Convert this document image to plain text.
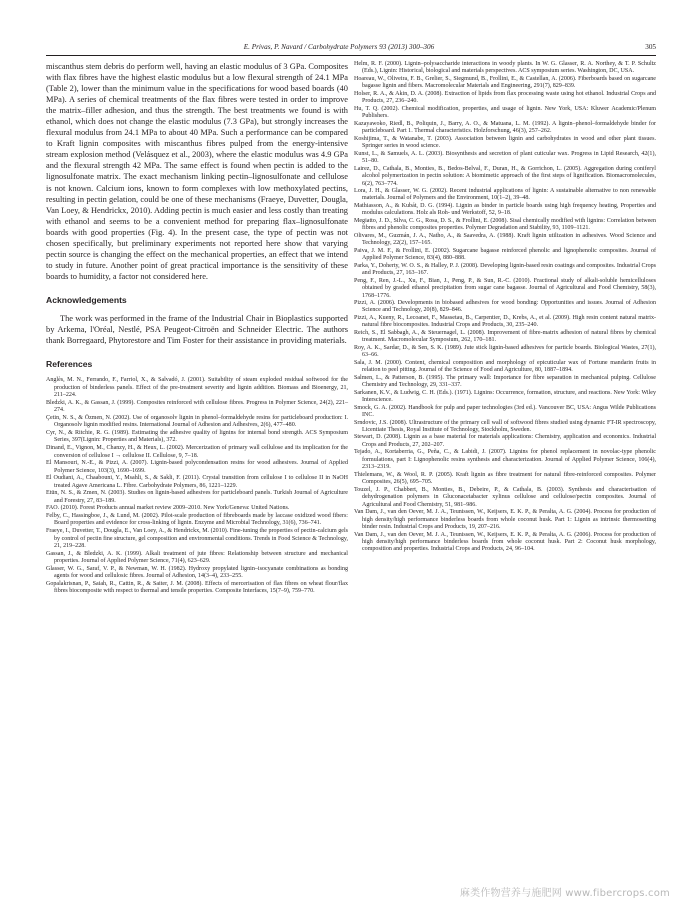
E. Privas, P. Navard / Carbohydrate Polymers 93 (2013) 300–306	305

miscanthus stem debris do perform well, having an elastic modulus of 3 GPa. Composites with flax fibres have the highest elastic modulus but a low flexural strength of 24.1 MPa (Table 2), lower than the minimum value in the specifications for wood based boards (40 MPa). A series of chemical treatments of the flax fibres were tested in order to improve the matrix–filler adhesion, and thus the strength. The best treatments we found is with ethanol, which does not change the elastic modulus (7.3 GPa), but strongly increases the flexural modulus from 24.1 MPa to about 40 MPa. Such a performance can be compared to Kraft lignin composites with miscanthus fibres pulped from the energy-intensive stream explosion method (Velásquez et al., 2003), where the elastic modulus was 4.9 GPa and the flexural strength 42 MPa. The same effect is found when pectin is added to the lignosulfonate matrix. The exact mechanism linking pectin–lignosulfonate and cellulose is not known. Calcium ions, known to form complexes with low methoxylated pectins, resulting in pectin gelation, could be one of these mechanisms (Fraeye, Duvetter, Dougla, Van Loey, & Hendrickx, 2010). Adding pectin is much easier and less costly than treating with ethanol and seems to be a convenient method for preparing flax–lignosulfonate boards with good properties (Fig. 4). In the present case, the type of pectin was not chosen specifically, but preliminary experiments not reported here show that varying pectin source is changing the effect on the mechanical properties, an effect that we intend to study in future. Another point of great practical importance is the sensitivity of these boards to humidity, a factor not considered here.

Acknowledgements

The work was performed in the frame of the Industrial Chair in Bioplastics supported by Arkema, l'Oréal, Nestlé, PSA Peugeot-Citroën and Schneider Electric. The authors thank Borregaard, Phytorestore and Tim Foster for their assistance in providing materials.

References
Anglès, M. N., Ferrando, F., Farriol, X., & Salvadó, J. (2001). Suitability of steam exploded residual softwood for the production of binderless panels. Effect of the pre-treatment severity and lignin addition. Biomass and Bioenergy, 21, 211–224.
Bledzki, A. K., & Gassan, J. (1999). Composites reinforced with cellulose fibres. Progress in Polymer Science, 24(2), 221–274.
Çetin, N. S., & Özmen, N. (2002). Use of organosolv lignin in phenol–formaldehyde resins for particleboard production: I. Organosolv lignin modified resins. International Journal of Adhesion and Adhesives, 2(6), 477–480.
Cyr, N., & Ritchie, R. G. (1989). Estimating the adhesive quality of lignins for internal bond strength. ACS Symposium Series, 397(Lignin: Properties and Materials), 372.
Dinand, E., Vignon, M., Chanzy, H., & Heux, L. (2002). Mercerization of primary wall cellulose and its implication for the conversion of cellulose I → cellulose II. Cellulose, 9, 7–18.
El Mansouri, N.-E., & Pizzi, A. (2007). Lignin-based polycondensation resins for wood adhesives. Journal of Applied Polymer Science, 103(3), 1690–1699.
El Oudiani, A., Chaabouni, Y., Msahli, S., & Sakli, F. (2011). Crystal transition from cellulose I to cellulose II in NaOH treated Agave Americana L. Fibre. Carbohydrate Polymers, 86, 1221–1229.
Etün, N. S., & Zmen, N. (2003). Studies on lignin-based adhesives for particleboard panels. Turkish Journal of Agriculture and Forestry, 27, 83–189.
FAO. (2010). Forest Products annual market review 2009–2010. New York/Geneva: United Nations.
Felby, C., Hassingboe, J., & Lund, M. (2002). Pilot-scale production of fibreboards made by laccase oxidized wood fibers: Board properties and evidence for cross-linking of lignin. Enzyme and Microbial Technology, 31(6), 736–741.
Fraeye, I., Duvetter, T., Dougla, E., Van Loey, A., & Hendrickx, M. (2010). Fine-tuning the properties of pectin-calcium gels by control of pectin fine structure, gel composition and environmental conditions. Trends in Food Science & Technology, 21, 219–228.
Gassan, J., & Bledzki, A. K. (1999). Alkali treatment of jute fibres: Relationship between structure and mechanical properties. Journal of Applied Polymer Science, 71(4), 623–629.
Glasser, W. G., Saraf, V. P., & Newman, W. H. (1982). Hydroxy propylated lignin–isocyanate combinations as bonding agents for wood and cellulosic fibres. Journal of Adhesion, 14(3–4), 233–255.
Gopalakrisnan, P., Saiah, R., Cattin, R., & Saiter, J. M. (2008). Effects of mercerisation of flax fibres on wheat flour/flax fibres biocomposite with respect to thermal and tensile properties. Composite Interfaces, 15(7–9), 759–770.
Helm, R. F. (2000). Lignin–polysaccharide interactions in woody plants. In W. G. Glasser, R. A. Northey, & T. P. Schultz (Eds.), Lignin: Historical, biological and materials perspectives. ACS symposium series. Washington, DC, USA.
Hoareau, W., Oliveira, F. B., Grelier, S., Siegmund, B., Frollini, E., & Castellan, A. (2006). Fiberboards based on sugarcane bagasse lignin and fibers. Macromolecular Materials and Engineering, 291(7), 829–839.
Holser, R. A., & Akin, D. A. (2008). Extraction of lipids from flax processing waste using hot ethanol. Industrial Crops and Products, 27, 236–240.
Hu, T. Q. (2002). Chemical modification, properties, and usage of lignin. New York, USA: Kluwer Academic/Plenum Publishers.
Kazayawoko, Riedl, B., Poliquin, J., Barry, A. O., & Matuana, L. M. (1992). A lignin–phenol–formaldehyde binder for particleboard. Part 1. Thermal characteristics. Holzforschung, 46(3), 257–262.
Koshijima, T., & Watanabe, T. (2003). Association between lignin and carbohydrates in wood and other plant tissues. Springer series in wood science.
Kunst, L., & Samuels, A. L. (2003). Biosynthesis and secretion of plant cuticular wax. Progress in Lipid Research, 42(1), 51–80.
Lairez, D., Cathala, B., Monties, B., Bedos-Belval, F., Duran, H., & Gorrichon, L. (2005). Aggregation during coniferyl alcohol polymerization in pectin solution: A biomimetic approach of the first steps of lignification. Biomacromolecules, 6(2), 763–774.
Lora, J. H., & Glasser, W. G. (2002). Recent industrial applications of lignin: A sustainable alternative to non renewable materials. Journal of Polymers and the Environment, 10(1–2), 39–48.
Mathiasson, A., & Kubát, D. G. (1994). Lignin as binder in particle boards using high frequency heating, Properties and modulus calculations. Holz als Roh- und Werkstoff, 52, 9–18.
Megiatto, J. D., Silva, C. G., Rosa, D. S., & Frollini, E. (2008). Sisal chemically modified with lignins: Correlation between fibres and phenolic composites properties. Polymer Degradation and Stability, 93, 1109–1121.
Olivares, M., Guzmán, J. A., Natho, A., & Saavedra, A. (1988). Kraft lignin utilization in adhesives. Wood Science and Technology, 22(2), 157–165.
Paiva, J. M. F., & Frollini, E. (2002). Sugarcane bagasse reinforced phenolic and lignophenolic composites. Journal of Applied Polymer Science, 83(4), 880–888.
Parka, Y., Doherty, W. O. S., & Halley, P. J. (2008). Developing lignin-based resin coatings and composites. Industrial Crops and Products, 27, 163–167.
Peng, F., Ren, J.-L., Xu, F., Bian, J., Peng, P., & Sun, R.-C. (2010). Fractional study of alkali-soluble hemicelluloses obtained by graded ethanol precipitation from sugar cane bagasse. Journal of Agricultural and Food Chemistry, 58(3), 1768–1776.
Pizzi, A. (2006). Developments in biobased adhesives for wood bonding: Opportunities and issues. Journal of Adhesion Science and Technology, 20(8), 829–846.
Pizzi, A., Kueny, R., Lecoanet, F., Massetau, B., Carpentier, D., Krebs, A., et al. (2009). High resin content natural matrix-natural fibre biocomposites. Industrial Crops and Products, 30, 235–240.
Reich, S., El Sabbagh, A., & Steuernagel, L. (2008). Improvement of fibre-matrix adhesion of natural fibres by chemical treatment. Macromolecular Symposium, 262, 170–181.
Roy, A. K., Sardar, D., & Sen, S. K. (1989). Jute stick lignin-based adhesives for particle boards. Biological Wastes, 27(1), 63–66.
Sala, J. M. (2000). Content, chemical composition and morphology of epicuticular wax of Fortune mandarin fruits in relation to peel pitting. Journal of the Science of Food and Agriculture, 80, 1887–1894.
Salmen, L., & Patterson, B. (1995). The primary wall: Importance for fibre separation in mechanical pulping. Cellulose Chemistry and Technology, 29, 331–337.
Sarkanen, K.V., & Ludwig, C. H. (Eds.). (1971). Lignins: Occurrence, formation, structure, and reactions. New York: Wiley Interscience.
Smock, G. A. (2002). Handbook for pulp and paper technologies (3rd ed.). Vancouver BC, USA: Angus Wilde Publications INC.
Srndovic, J.S. (2008). Ultrastructure of the primary cell wall of softwood fibres studied using dynamic FT-IR spectroscopy, Licentiate Thesis, Royal Institute of Technology, Stockholm, Sweden.
Stewart, D. (2008). Lignin as a base material for materials applications: Chemistry, application and economics. Industrial Crops and Products, 27, 202–207.
Tejado, A., Kortaberria, G., Peña, C., & Labidi, J. (2007). Lignins for phenol replacement in novolac-type phenolic formulations, part I: Lignophenolic resins synthesis and characterization. Journal of Applied Polymer Science, 106(4), 2313–2319.
Thielemans, W., & Wool, R. P. (2005). Kraft lignin as fibre treatment for natural fibre-reinforced composites. Polymer Composites, 26(5), 695–705.
Touzel, J. P., Chabbert, B., Monties, B., Debeire, P., & Cathala, B. (2003). Synthesis and characterisation of dehydrogenation polymers in Gluconacetabacter xylinus cellulose and cellulose/pectin composites. Journal of Agricultural and Food Chemistry, 51, 981–986.
Van Dam, J., van den Oever, M. J. A., Teunissen, W., Keijsers, E. K. P., & Peralta, A. G. (2004). Process for production of high density/high performance binderless boards from whole coconut husk. Part 1: Lignin as intrinsic thermosetting binder resin. Industrial Crops and Products, 19, 207–216.
Van Dam, J., van den Oever, M. J. A., Teunissen, W., Keijsers, E. K. P., & Peralta, A. G. (2006). Process for production of high density/high performance binderless boards from whole coconut husk. Part 2: Coconut husk morphology, composition and properties. Industrial Crops and Products, 24, 96–104.
麻类作物营养与施肥网 www.fibercrops.com
